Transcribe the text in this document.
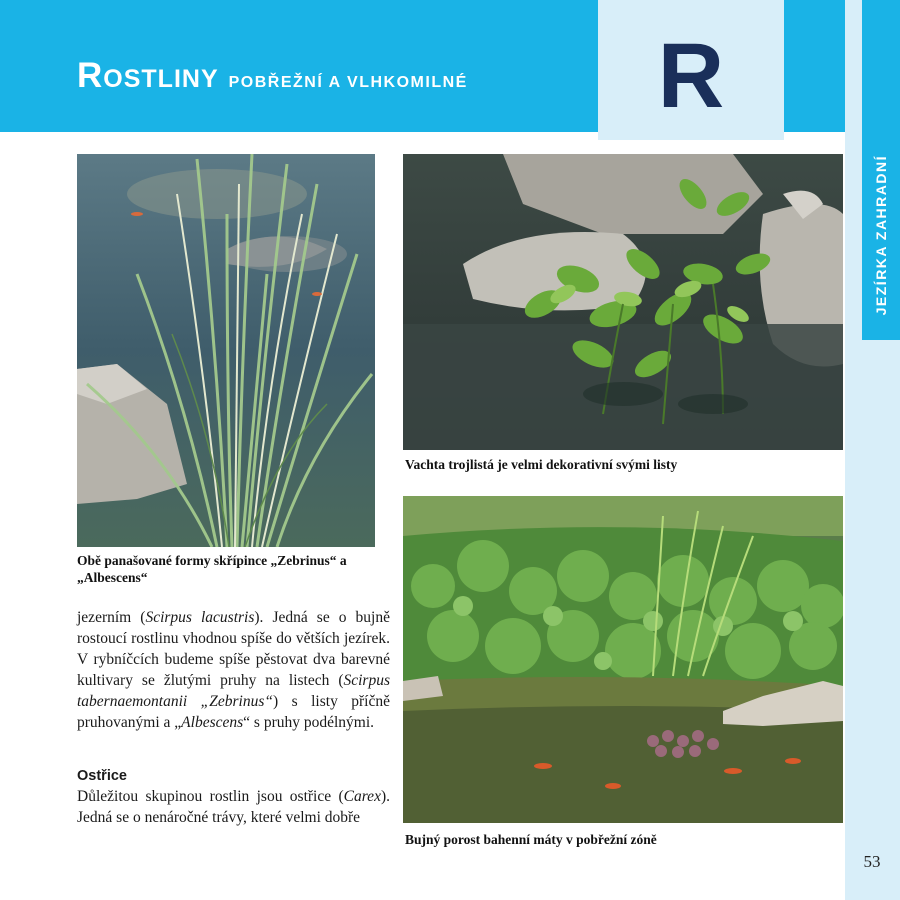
Rostliny POBŘEŽNÍ A VLHKOMILNÉ	R
JEZÍRKA ZAHRADNÍ

Obě panašované formy skřípince „Zebrinus“ a „Albescens“

Vachta trojlistá je velmi dekorativní svými listy

Bujný porost bahenní máty v pobřežní zóně

jezerním (Scirpus lacustris). Jedná se o bujně rostoucí rostlinu vhodnou spíše do větších jezírek. V rybníčcích budeme spíše pěstovat dva barevné kultivary se žlutými pruhy na listech (Scirpus tabernaemontanii „Zebrinus“) s listy příčně pruhovanými a „Albescens“ s pruhy podélnými.

Ostřice

Důležitou skupinou rostlin jsou ostřice (Carex). Jedná se o nenáročné trávy, které velmi dobře

53
